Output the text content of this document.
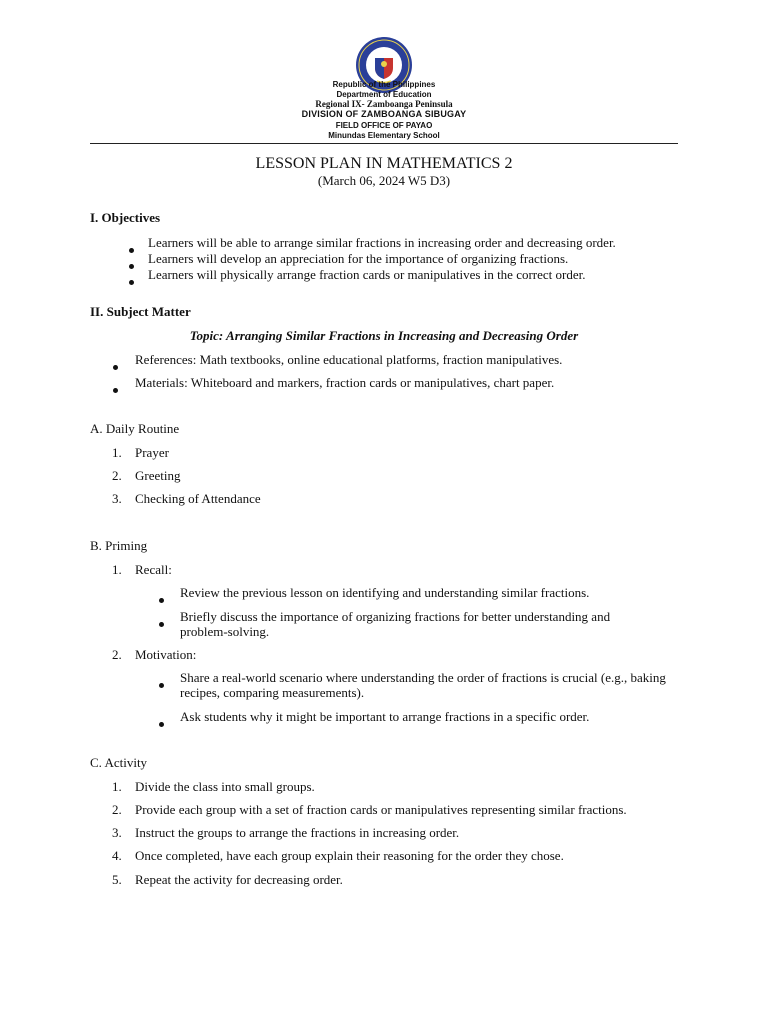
Republic of the Philippines
Department of Education
Regional IX- Zamboanga Peninsula
DIVISION OF ZAMBOANGA SIBUGAY
FIELD OFFICE OF PAYAO
Minundas Elementary School
LESSON PLAN IN MATHEMATICS 2
(March 06, 2024 W5 D3)
I. Objectives
Learners will be able to arrange similar fractions in increasing order and decreasing order.
Learners will develop an appreciation for the importance of organizing fractions.
Learners will physically arrange fraction cards or manipulatives in the correct order.
II. Subject Matter
Topic: Arranging Similar Fractions in Increasing and Decreasing Order
References: Math textbooks, online educational platforms, fraction manipulatives.
Materials: Whiteboard and markers, fraction cards or manipulatives, chart paper.
A. Daily Routine
1. Prayer
2. Greeting
3. Checking of Attendance
B. Priming
1. Recall:
Review the previous lesson on identifying and understanding similar fractions.
Briefly discuss the importance of organizing fractions for better understanding and problem-solving.
2. Motivation:
Share a real-world scenario where understanding the order of fractions is crucial (e.g., baking recipes, comparing measurements).
Ask students why it might be important to arrange fractions in a specific order.
C. Activity
1. Divide the class into small groups.
2. Provide each group with a set of fraction cards or manipulatives representing similar fractions.
3. Instruct the groups to arrange the fractions in increasing order.
4. Once completed, have each group explain their reasoning for the order they chose.
5. Repeat the activity for decreasing order.
